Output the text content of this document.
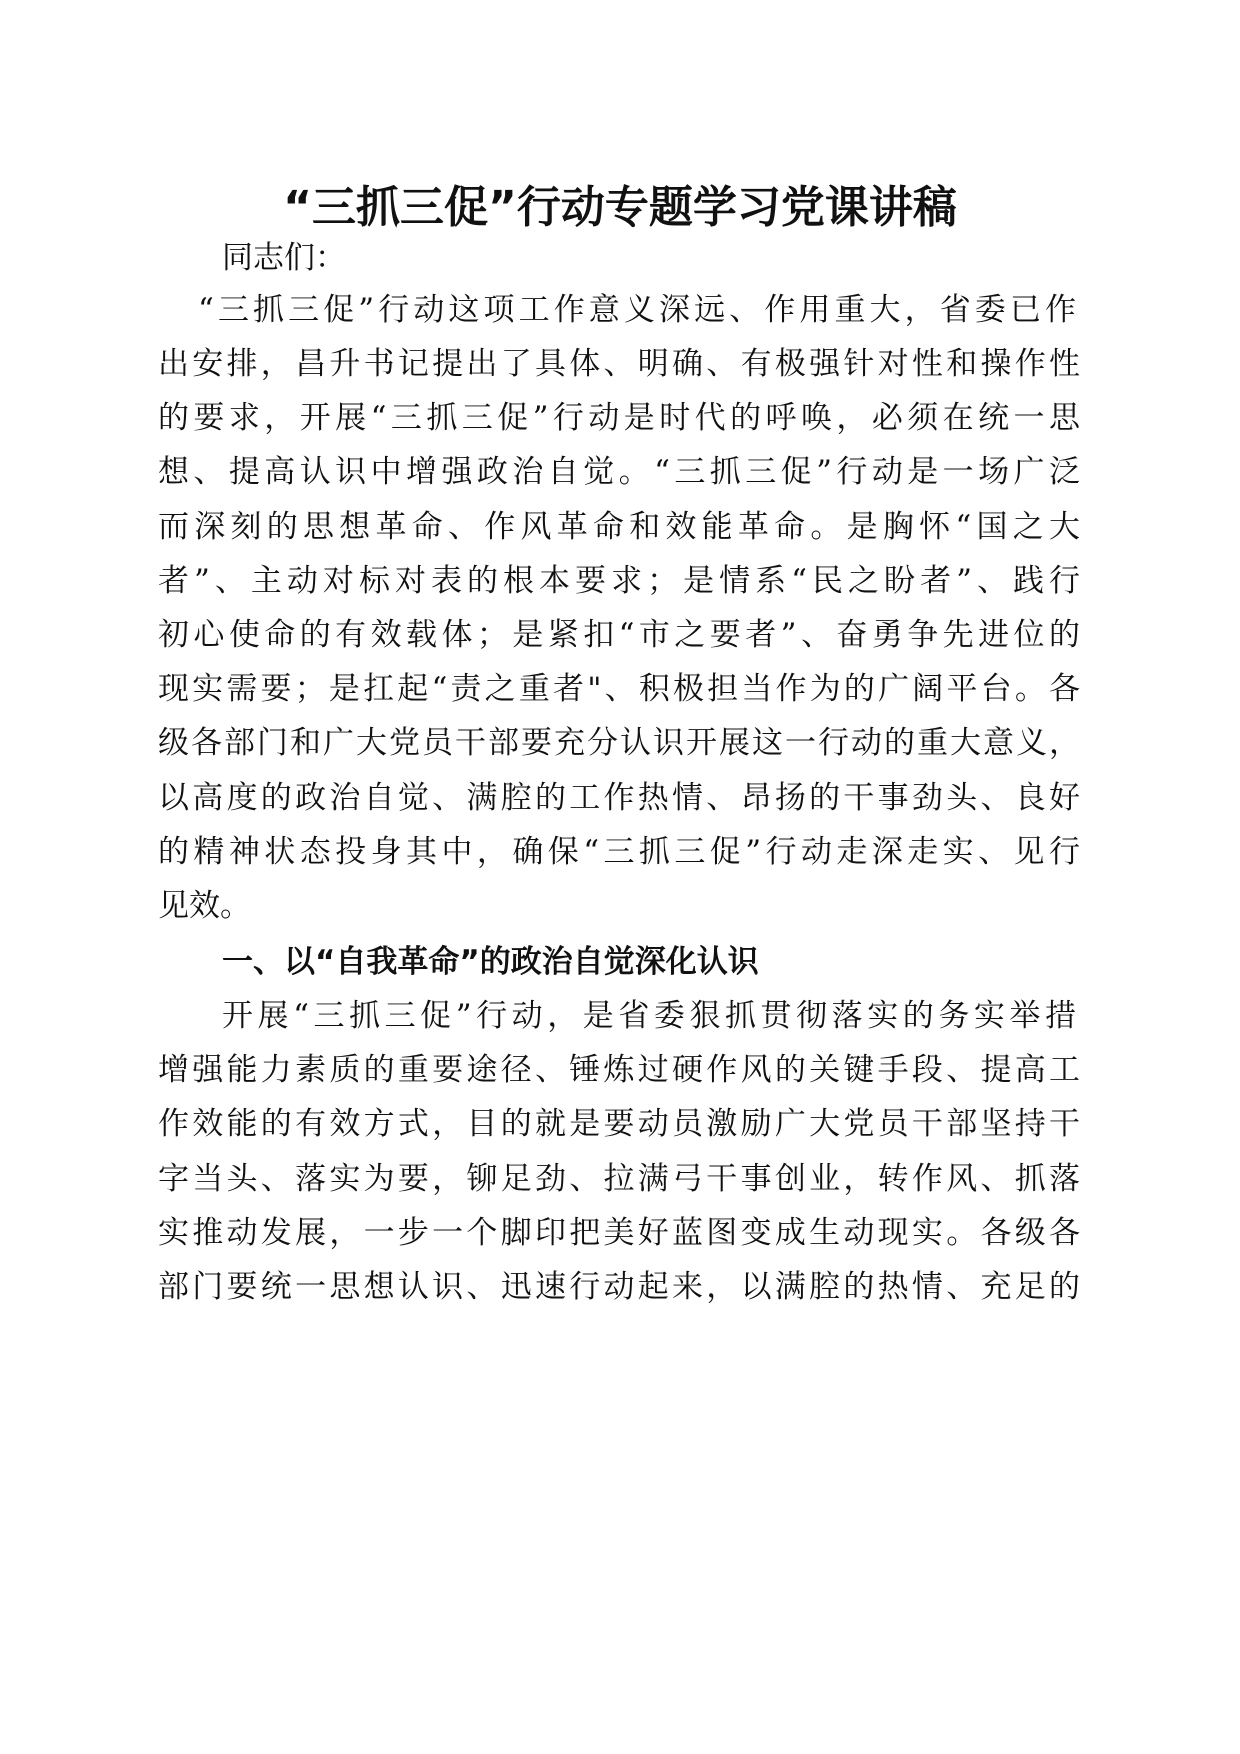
“三抓三促”行动专题学习党课讲稿
同志们：
“三抓三促”行动这项工作意义深远、作用重大，省委已作
出安排，昌升书记提出了具体、明确、有极强针对性和操作性
的要求，开展“三抓三促”行动是时代的呼唤，必须在统一思
想、提高认识中增强政治自觉。“三抓三促”行动是一场广泛
而深刻的思想革命、作风革命和效能革命。是胸怀“国之大
者”、主动对标对表的根本要求；是情系“民之盼者”、践行
初心使命的有效载体；是紧扣“市之要者”、奋勇争先进位的
现实需要；是扛起“责之重者"、积极担当作为的广阔平台。各
级各部门和广大党员干部要充分认识开展这一行动的重大意义，
以高度的政治自觉、满腔的工作热情、昂扬的干事劲头、良好
的精神状态投身其中，确保“三抓三促”行动走深走实、见行
见效。
一、以“自我革命”的政治自觉深化认识
开展“三抓三促”行动，是省委狠抓贯彻落实的务实举措
增强能力素质的重要途径、锤炼过硬作风的关键手段、提高工
作效能的有效方式，目的就是要动员激励广大党员干部坚持干
字当头、落实为要，铆足劲、拉满弓干事创业，转作风、抓落
实推动发展，一步一个脚印把美好蓝图变成生动现实。各级各
部门要统一思想认识、迅速行动起来，以满腔的热情、充足的
